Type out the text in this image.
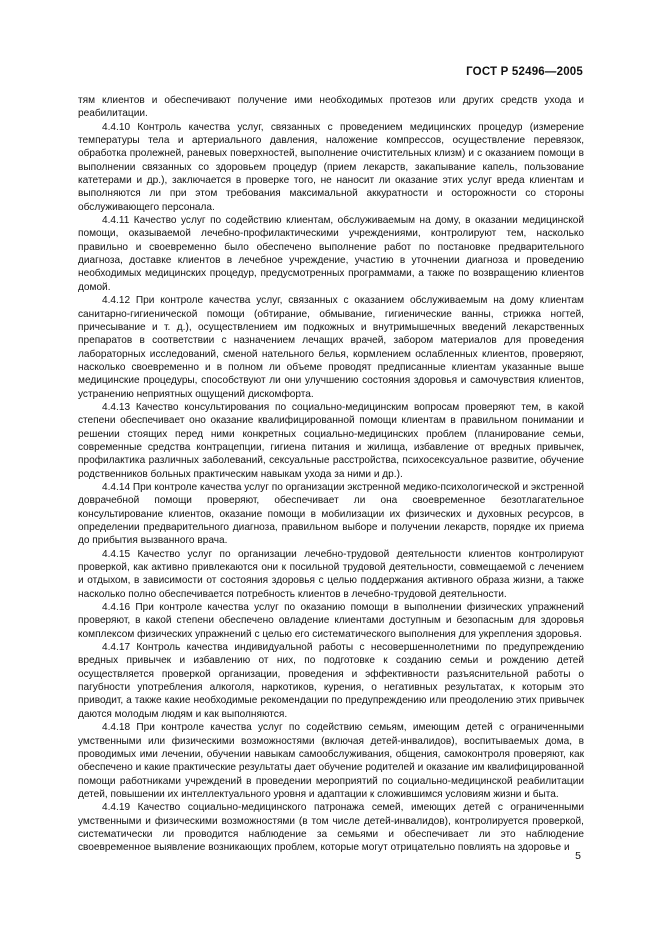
ГОСТ Р 52496—2005

тям клиентов и обеспечивают получение ими необходимых протезов или других средств ухода и реабилитации.

4.4.10 Контроль качества услуг, связанных с проведением медицинских процедур (измерение температуры тела и артериального давления, наложение компрессов, осуществление перевязок, обработка пролежней, раневых поверхностей, выполнение очистительных клизм) и с оказанием помощи в выполнении связанных со здоровьем процедур (прием лекарств, закапывание капель, пользование катетерами и др.), заключается в проверке того, не наносит ли оказание этих услуг вреда клиентам и выполняются ли при этом требования максимальной аккуратности и осторожности со стороны обслуживающего персонала.

4.4.11 Качество услуг по содействию клиентам, обслуживаемым на дому, в оказании медицинской помощи, оказываемой лечебно-профилактическими учреждениями, контролируют тем, насколько правильно и своевременно было обеспечено выполнение работ по постановке предварительного диагноза, доставке клиентов в лечебное учреждение, участию в уточнении диагноза и проведению необходимых медицинских процедур, предусмотренных программами, а также по возвращению клиентов домой.

4.4.12 При контроле качества услуг, связанных с оказанием обслуживаемым на дому клиентам санитарно-гигиенической помощи (обтирание, обмывание, гигиенические ванны, стрижка ногтей, причесывание и т. д.), осуществлением им подкожных и внутримышечных введений лекарственных препаратов в соответствии с назначением лечащих врачей, забором материалов для проведения лабораторных исследований, сменой нательного белья, кормлением ослабленных клиентов, проверяют, насколько своевременно и в полном ли объеме проводят предписанные клиентам указанные выше медицинские процедуры, способствуют ли они улучшению состояния здоровья и самочувствия клиентов, устранению неприятных ощущений дискомфорта.

4.4.13 Качество консультирования по социально-медицинским вопросам проверяют тем, в какой степени обеспечивает оно оказание квалифицированной помощи клиентам в правильном понимании и решении стоящих перед ними конкретных социально-медицинских проблем (планирование семьи, современные средства контрацепции, гигиена питания и жилища, избавление от вредных привычек, профилактика различных заболеваний, сексуальные расстройства, психосексуальное развитие, обучение родственников больных практическим навыкам ухода за ними и др.).

4.4.14 При контроле качества услуг по организации экстренной медико-психологической и экстренной доврачебной помощи проверяют, обеспечивает ли она своевременное безотлагательное консультирование клиентов, оказание помощи в мобилизации их физических и духовных ресурсов, в определении предварительного диагноза, правильном выборе и получении лекарств, порядке их приема до прибытия вызванного врача.

4.4.15 Качество услуг по организации лечебно-трудовой деятельности клиентов контролируют проверкой, как активно привлекаются они к посильной трудовой деятельности, совмещаемой с лечением и отдыхом, в зависимости от состояния здоровья с целью поддержания активного образа жизни, а также насколько полно обеспечивается потребность клиентов в лечебно-трудовой деятельности.

4.4.16 При контроле качества услуг по оказанию помощи в выполнении физических упражнений проверяют, в какой степени обеспечено овладение клиентами доступным и безопасным для здоровья комплексом физических упражнений с целью его систематического выполнения для укрепления здоровья.

4.4.17 Контроль качества индивидуальной работы с несовершеннолетними по предупреждению вредных привычек и избавлению от них, по подготовке к созданию семьи и рождению детей осуществляется проверкой организации, проведения и эффективности разъяснительной работы о пагубности употребления алкоголя, наркотиков, курения, о негативных результатах, к которым это приводит, а также какие необходимые рекомендации по предупреждению или преодолению этих привычек даются молодым людям и как выполняются.

4.4.18 При контроле качества услуг по содействию семьям, имеющим детей с ограниченными умственными или физическими возможностями (включая детей-инвалидов), воспитываемых дома, в проводимых ими лечении, обучении навыкам самообслуживания, общения, самоконтроля проверяют, как обеспечено и какие практические результаты дает обучение родителей и оказание им квалифицированной помощи работниками учреждений в проведении мероприятий по социально-медицинской реабилитации детей, повышении их интеллектуального уровня и адаптации к сложившимся условиям жизни и быта.

4.4.19 Качество социально-медицинского патронажа семей, имеющих детей с ограниченными умственными и физическими возможностями (в том числе детей-инвалидов), контролируется проверкой, систематически ли проводится наблюдение за семьями и обеспечивает ли это наблюдение своевременное выявление возникающих проблем, которые могут отрицательно повлиять на здоровье и

5
